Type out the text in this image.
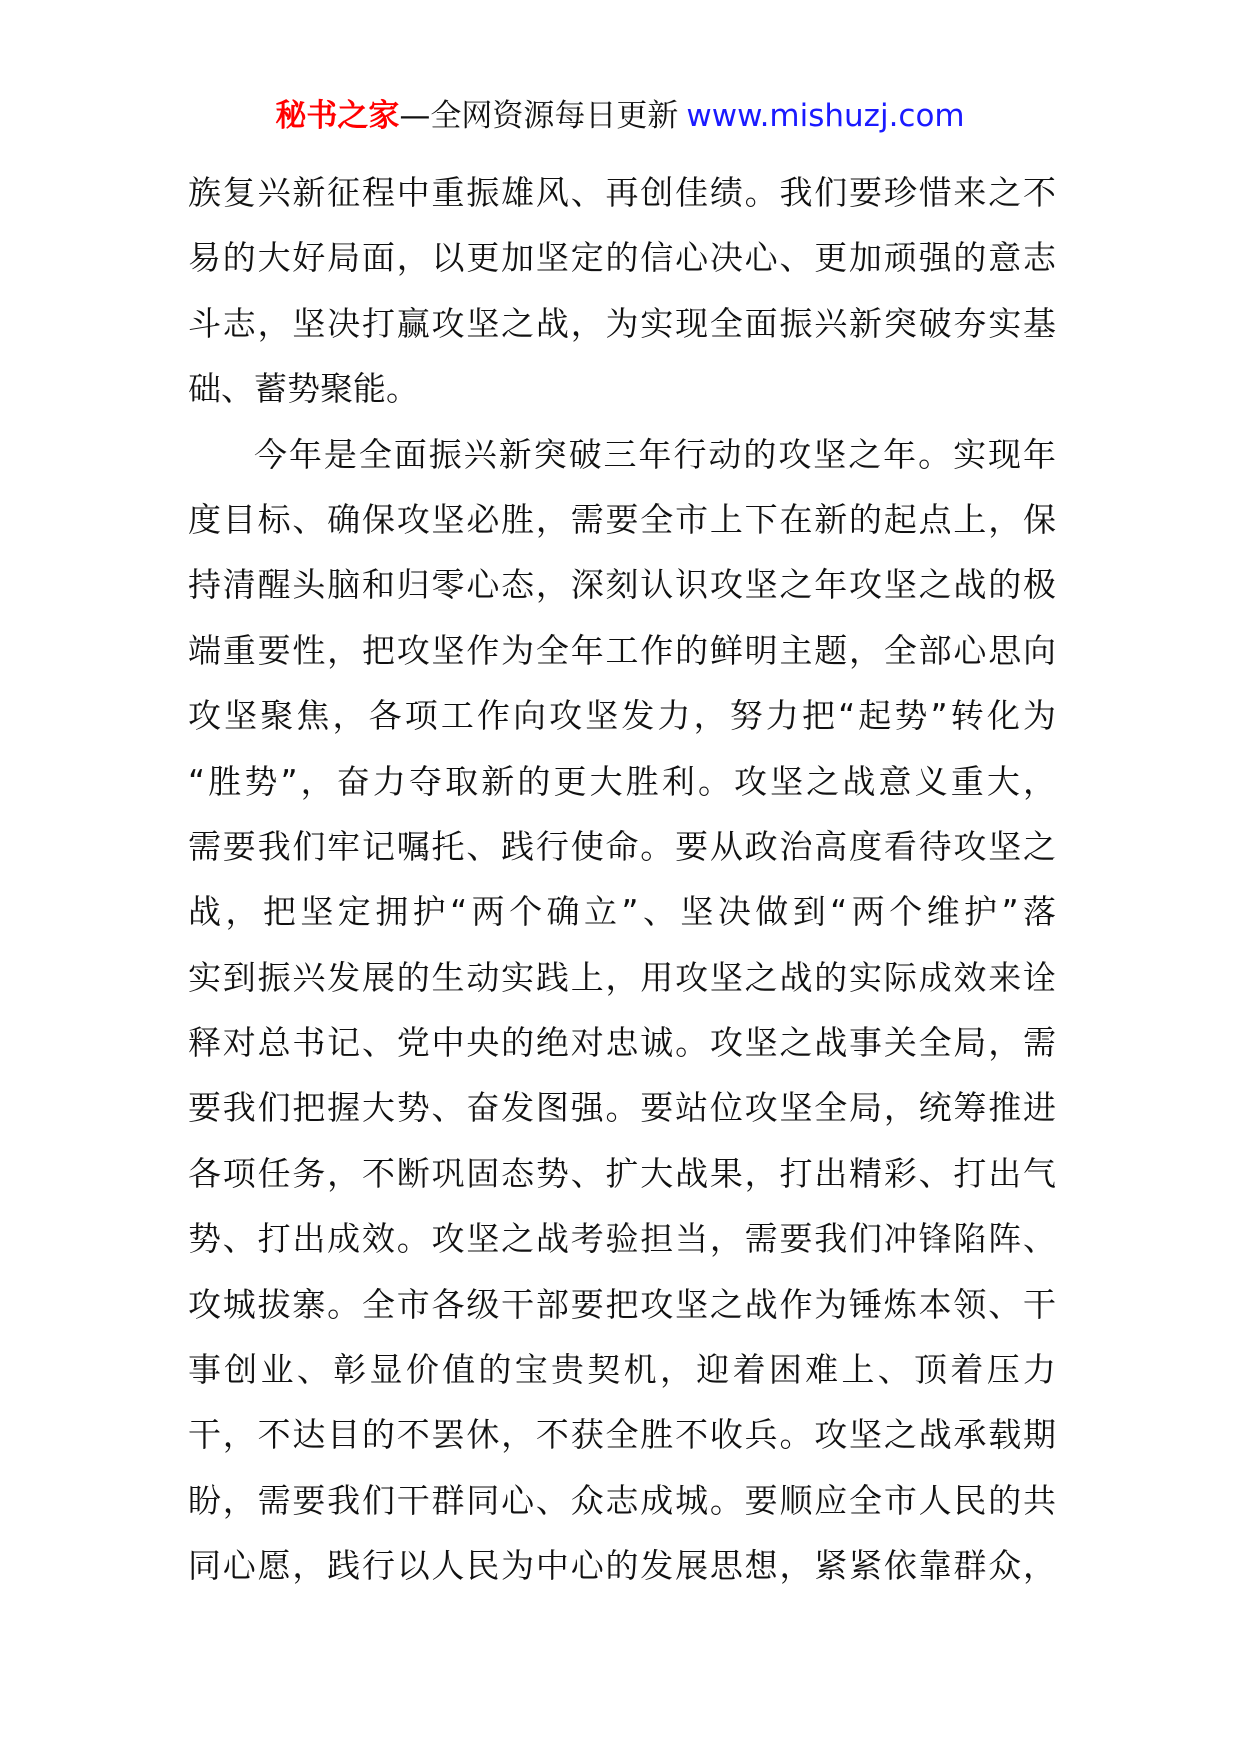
秘书之家—全网资源每日更新 www.mishuzj.com
族复兴新征程中重振雄风、再创佳绩。我们要珍惜来之不
易的大好局面，以更加坚定的信心决心、更加顽强的意志
斗志，坚决打赢攻坚之战，为实现全面振兴新突破夯实基
础、蓄势聚能。
今年是全面振兴新突破三年行动的攻坚之年。实现年
度目标、确保攻坚必胜，需要全市上下在新的起点上，保
持清醒头脑和归零心态，深刻认识攻坚之年攻坚之战的极
端重要性，把攻坚作为全年工作的鲜明主题，全部心思向
攻坚聚焦，各项工作向攻坚发力，努力把“起势”转化为
“胜势”，奋力夺取新的更大胜利。攻坚之战意义重大，
需要我们牢记嘱托、践行使命。要从政治高度看待攻坚之
战，把坚定拥护“两个确立”、坚决做到“两个维护”落
实到振兴发展的生动实践上，用攻坚之战的实际成效来诠
释对总书记、党中央的绝对忠诚。攻坚之战事关全局，需
要我们把握大势、奋发图强。要站位攻坚全局，统筹推进
各项任务，不断巩固态势、扩大战果，打出精彩、打出气
势、打出成效。攻坚之战考验担当，需要我们冲锋陷阵、
攻城拔寨。全市各级干部要把攻坚之战作为锤炼本领、干
事创业、彰显价值的宝贵契机，迎着困难上、顶着压力
干，不达目的不罢休，不获全胜不收兵。攻坚之战承载期
盼，需要我们干群同心、众志成城。要顺应全市人民的共
同心愿，践行以人民为中心的发展思想，紧紧依靠群众，
